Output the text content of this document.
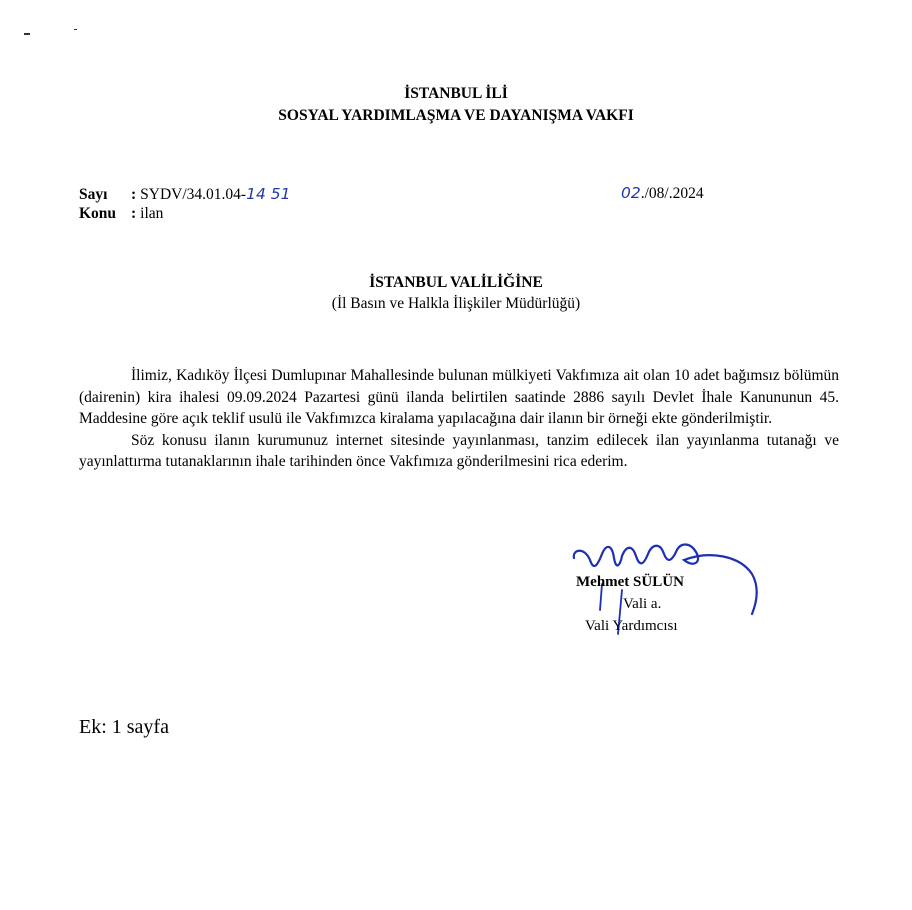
İSTANBUL İLİ
SOSYAL YARDIMLAŞMA VE DAYANIŞMA VAKFI
Sayı : SYDV/34.01.04-14 51
Konu : ilan
02./08/.2024
İSTANBUL VALİLİĞİNE
(İl Basın ve Halkla İlişkiler Müdürlüğü)

İlimiz, Kadıköy İlçesi Dumlupınar Mahallesinde bulunan mülkiyeti Vakfımıza ait olan 10 adet bağımsız bölümün (dairenin) kira ihalesi 09.09.2024 Pazartesi günü ilanda belirtilen saatinde 2886 sayılı Devlet İhale Kanununun 45. Maddesine göre açık teklif usulü ile Vakfımızca kiralama yapılacağına dair ilanın bir örneği ekte gönderilmiştir.

Söz konusu ilanın kurumunuz internet sitesinde yayınlanması, tanzim edilecek ilan yayınlanma tutanağı ve yayınlattırma tutanaklarının ihale tarihinden önce Vakfımıza gönderilmesini rica ederim.

Mehmet SÜLÜN
Vali a.
Vali Yardımcısı
Ek: 1 sayfa
